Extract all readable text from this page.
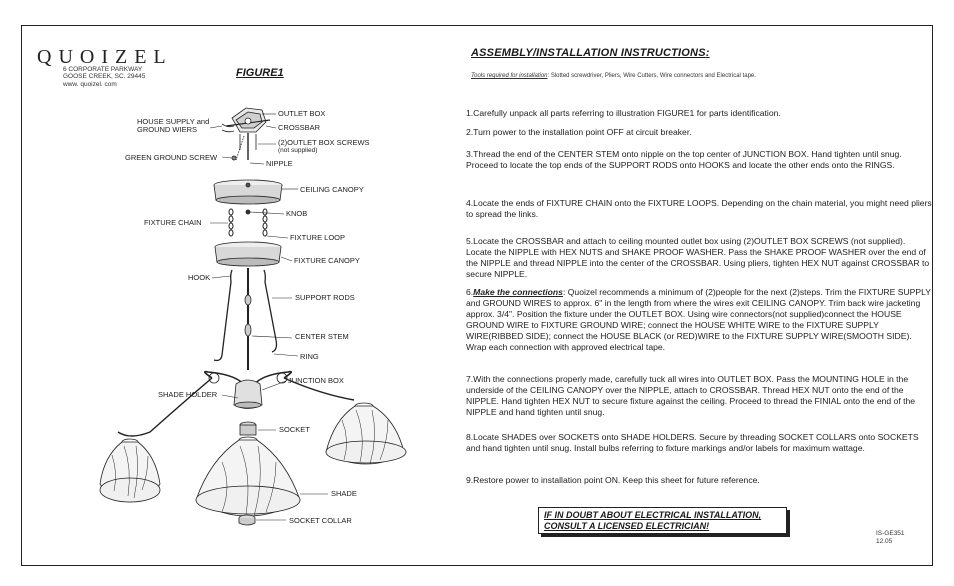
QUOIZEL
6 CORPORATE PARKWAY
GOOSE CREEK, SC. 29445
www. quoizel. com
FIGURE1
OUTLET BOX
HOUSE SUPPLY and
GROUND WIERS	CROSSBAR
(2)OUTLET BOX SCREWS
(not supplied)
GREEN GROUND SCREW
NIPPLE
CEILING CANOPY
KNOB
FIXTURE CHAIN
FIXTURE LOOP
FIXTURE CANOPY
HOOK
SUPPORT RODS
CENTER STEM
RING
JUNCTION BOX
SHADE HOLDER
SOCKET
SHADE
SOCKET COLLAR
ASSEMBLY/INSTALLATION INSTRUCTIONS:
Tools required for installation: Slotted screwdriver, Pliers, Wire Cutters, Wire connectors and Electrical tape.
1.Carefully unpack all parts referring to illustration FIGURE1 for parts identification.
2.Turn power to the installation point OFF at circuit breaker.
3.Thread the end of the CENTER STEM onto nipple on the top center of JUNCTION BOX. Hand tighten until snug. Proceed to locate the top ends of the SUPPORT RODS onto HOOKS and locate the other ends onto the RINGS.
4.Locate the ends of FIXTURE CHAIN onto the FIXTURE LOOPS. Depending on the chain material, you might need pliers to spread the links.
5.Locate the CROSSBAR and attach to ceiling mounted outlet box using (2)OUTLET BOX SCREWS (not supplied). Locate the NIPPLE with HEX NUTS and SHAKE PROOF WASHER. Pass the SHAKE PROOF WASHER over the end of the NIPPLE and thread NIPPLE into the center of the CROSSBAR. Using pliers, tighten HEX NUT against CROSSBAR to secure NIPPLE.
6.Make the connections: Quoizel recommends a minimum of (2)people for the next (2)steps. Trim the FIXTURE SUPPLY and GROUND WIRES to approx. 6" in the length from where the wires exit CEILING CANOPY. Trim back wire jacketing approx. 3/4". Position the fixture under the OUTLET BOX. Using wire connectors(not supplied)connect the HOUSE GROUND WIRE to FIXTURE GROUND WIRE; connect the HOUSE WHITE WIRE to the FIXTURE SUPPLY WIRE(RIBBED SIDE); connect the HOUSE BLACK (or RED)WIRE to the FIXTURE SUPPLY WIRE(SMOOTH SIDE). Wrap each connection with approved electrical tape.
7.With the connections properly made, carefully tuck all wires into OUTLET BOX. Pass the MOUNTING HOLE in the underside of the CEILING CANOPY over the NIPPLE, attach to CROSSBAR. Thread HEX NUT onto the end of the NIPPLE. Hand tighten HEX NUT to secure fixture against the ceiling. Proceed to thread the FINIAL onto the end of the NIPPLE and hand tighten until snug.
8.Locate SHADES over SOCKETS onto SHADE HOLDERS. Secure by threading SOCKET COLLARS onto SOCKETS and hand tighten until snug. Install bulbs referring to fixture markings and/or labels for maximum wattage.
9.Restore power to installation point ON. Keep this sheet for future reference.
IF IN DOUBT ABOUT ELECTRICAL INSTALLATION,
CONSULT A LICENSED ELECTRICIAN!
IS-GE351
12.05
